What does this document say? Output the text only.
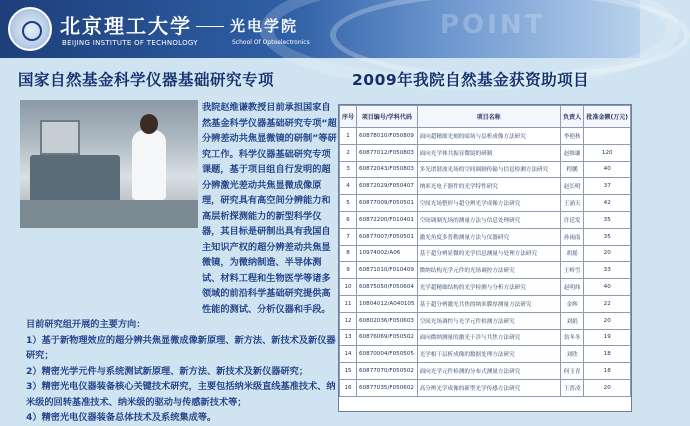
POINT
北京理工大学
BEIJING INSTITUTE OF TECHNOLOGY
光电学院
School Of Optoelectronics
国家自然基金科学仪器基础研究专项	2009年我院自然基金获资助项目

我院赵维谦教授目前承担国家自然基金科学仪器基础研究专项“超分辨差动共焦显微镜的研制”等研究工作。科学仪器基础研究专项课题，基于项目组自行发明的超分辨激光差动共焦显微成像原理，研究具有高空间分辨能力和高层析探测能力的新型科学仪器，其目标是研制出具有我国自主知识产权的超分辨差动共焦显微镜，为微纳制造、半导体测试、材料工程和生物医学等诸多领域的前沿科学基础研究提供高性能的测试、分析仪器和手段。

目前研究组开展的主要方向：

1）基于新物理效应的超分辨共焦显微成像新原理、新方法、新技术及新仪器研究；

2）精密光学元件与系统测试新原理、新方法、新技术及新仪器研究；

3）精密光电仪器装备核心关键技术研究，主要包括纳米级直线基准技术、纳米级的回转基准技术、纳米级的驱动与传感新技术等；

4）精密光电仪器装备总体技术及系统集成等。

序号	项目编号/学科代码	项目名称	负责人	批准金额(万元)
1	60878010/F050809	面向超精细光刻的暗场与层析成像方法研究	李艳秋	
2	60877012/F050803	面向光学体共振显微镜的研制	赵维谦	120
3	60872043/F050803	多光谱谐波光场的空间调制传输与信息检测方法研究	程鹏	40
4	60872029/F050407	纳米光电子器件的光学特性研究	赵长明	37
5	60877009/F050501	空间光场整形与超分辨光学成像方法研究	王涌天	42
6	60872200/F010401	空间调制光场的测量方法与信息处理研究	许廷发	35
7	60877007/F050501	激光角度多普勒测量方法与仪器研究	孙雨南	35
8	10974002/A06	基于超分辨显微的光学信息测量与处理方法研究	胡摇	20
9	60871010/F010409	微纳结构光学元件的光场调控方法研究	王岭雪	33
10	60875050/F050604	光学超精细结构的光学检测与分析方法研究	赵明炜	40
11	10804012/A040105	基于超分辨激光共焦的纳米膜厚测量方法研究	金辉	22
12	60802036/F050603	空间光场调控与光学元件检测方法研究	刘娟	20
13	60876069/F050502	面向微纳测量的激光干涉与共焦方法研究	翁冬冬	19
14	60870004/F050505	光学相干层析成像的数据处理方法研究	刘欣	18
15	60877070/F050502	面向光学元件检测的分布式测量方法研究	何玉青	18
16	60877035/F050602	高分辨光学成像的新型光学传感方法研究	王普凌	20
